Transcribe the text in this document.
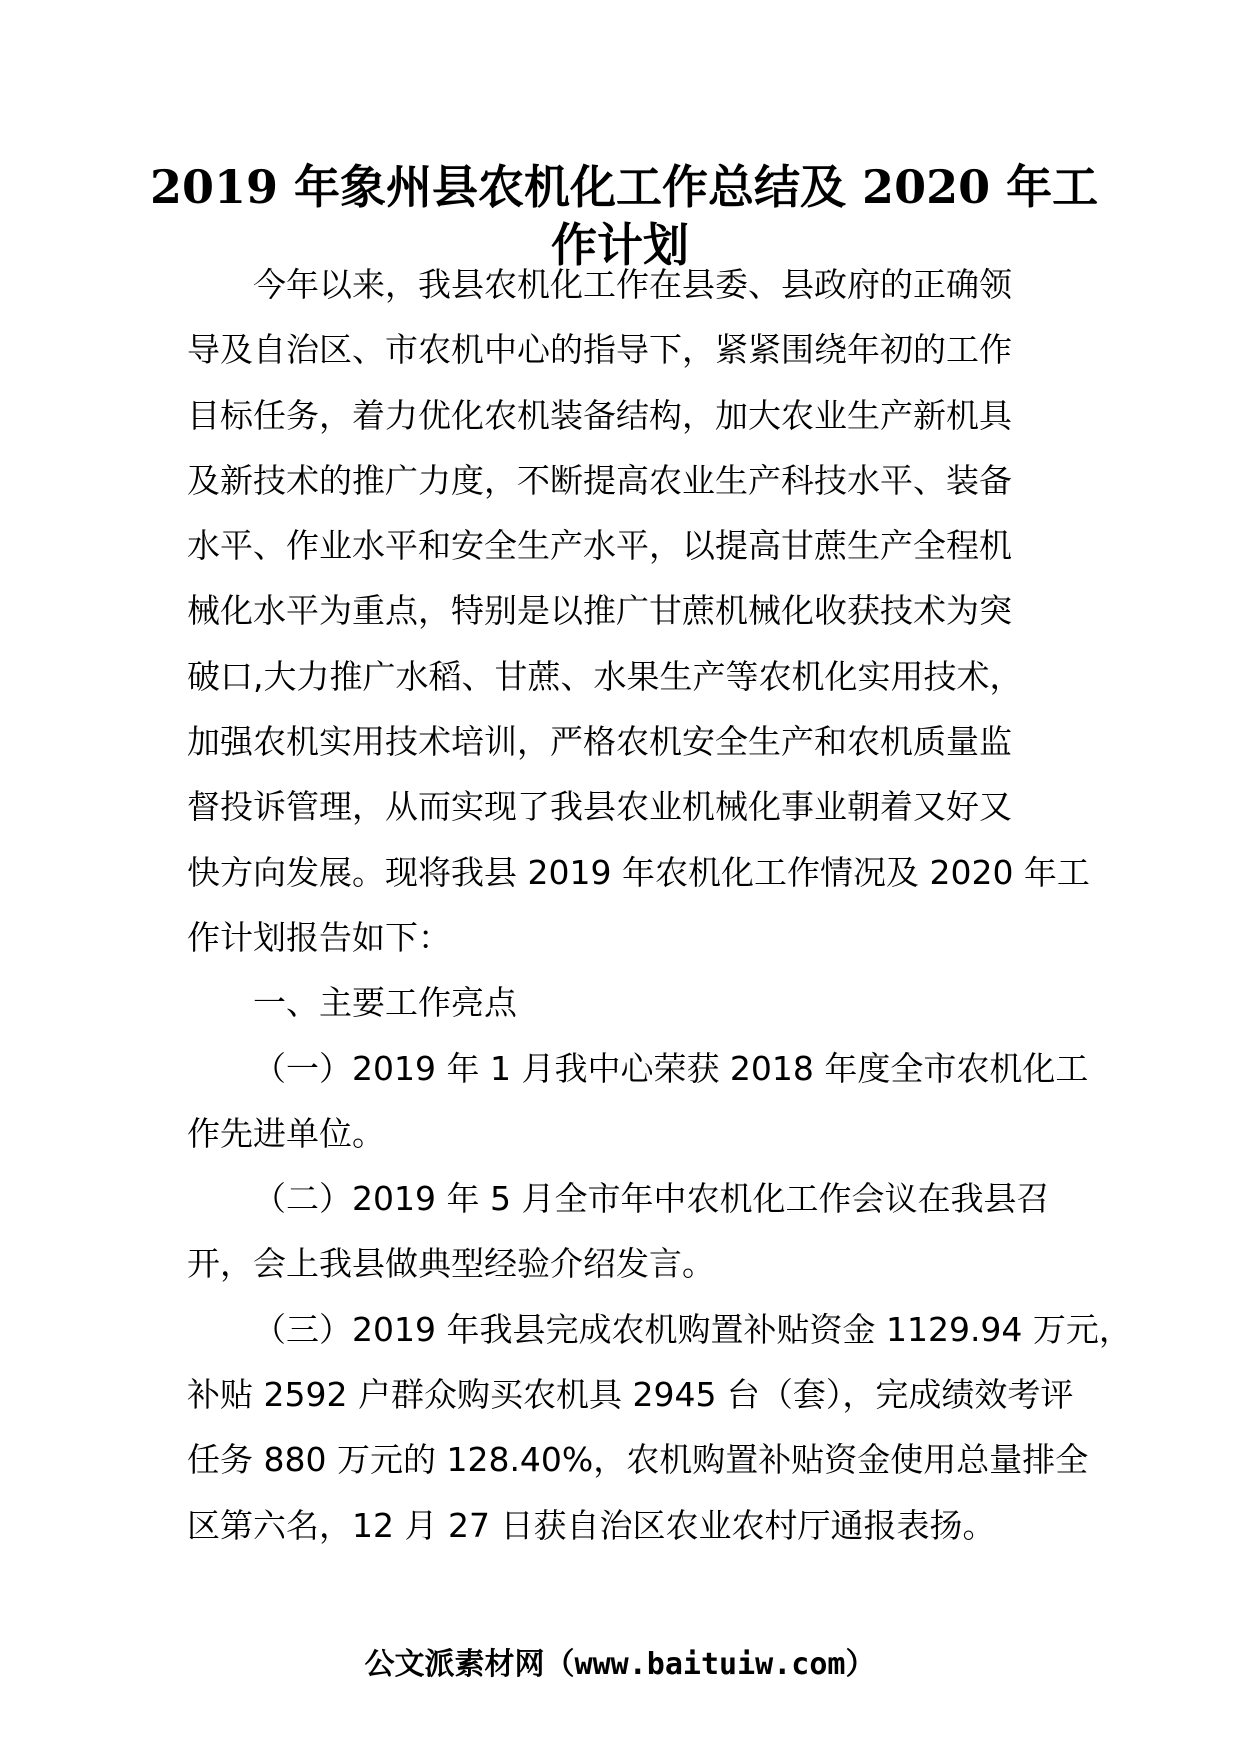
2019 年象州县农机化工作总结及 2020 年工
作计划

今年以来，我县农机化工作在县委、县政府的正确领
导及自治区、市农机中心的指导下，紧紧围绕年初的工作
目标任务，着力优化农机装备结构，加大农业生产新机具
及新技术的推广力度，不断提高农业生产科技水平、装备
水平、作业水平和安全生产水平，以提高甘蔗生产全程机
械化水平为重点，特别是以推广甘蔗机械化收获技术为突
破口,大力推广水稻、甘蔗、水果生产等农机化实用技术，
加强农机实用技术培训，严格农机安全生产和农机质量监
督投诉管理，从而实现了我县农业机械化事业朝着又好又
快方向发展。现将我县 2019 年农机化工作情况及 2020 年工
作计划报告如下：

一、主要工作亮点

（一）2019 年 1 月我中心荣获 2018 年度全市农机化工
作先进单位。

（二）2019 年 5 月全市年中农机化工作会议在我县召
开，会上我县做典型经验介绍发言。

（三）2019 年我县完成农机购置补贴资金 1129.94 万元，
补贴 2592 户群众购买农机具 2945 台（套），完成绩效考评
任务 880 万元的 128.40%，农机购置补贴资金使用总量排全
区第六名，12 月 27 日获自治区农业农村厅通报表扬。

公文派素材网（www.baituiw.com）
